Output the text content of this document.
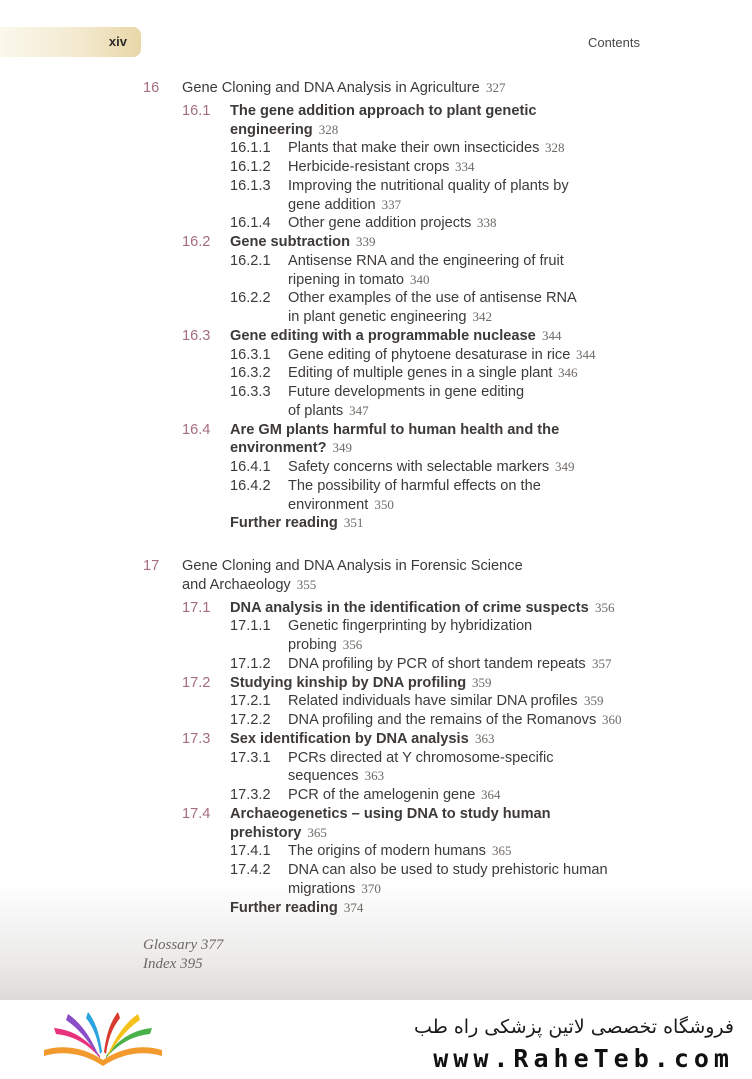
xiv	Contents
16 Gene Cloning and DNA Analysis in Agriculture 327
16.1 The gene addition approach to plant genetic
engineering 328
16.1.1 Plants that make their own insecticides 328
16.1.2 Herbicide-resistant crops 334
16.1.3 Improving the nutritional quality of plants by
gene addition 337
16.1.4 Other gene addition projects 338
16.2 Gene subtraction 339
16.2.1 Antisense RNA and the engineering of fruit
ripening in tomato 340
16.2.2 Other examples of the use of antisense RNA
in plant genetic engineering 342
16.3 Gene editing with a programmable nuclease 344
16.3.1 Gene editing of phytoene desaturase in rice 344
16.3.2 Editing of multiple genes in a single plant 346
16.3.3 Future developments in gene editing
of plants 347
16.4 Are GM plants harmful to human health and the
environment? 349
16.4.1 Safety concerns with selectable markers 349
16.4.2 The possibility of harmful effects on the
environment 350
Further reading 351
17 Gene Cloning and DNA Analysis in Forensic Science
and Archaeology 355
17.1 DNA analysis in the identification of crime suspects 356
17.1.1 Genetic fingerprinting by hybridization
probing 356
17.1.2 DNA profiling by PCR of short tandem repeats 357
17.2 Studying kinship by DNA profiling 359
17.2.1 Related individuals have similar DNA profiles 359
17.2.2 DNA profiling and the remains of the Romanovs 360
17.3 Sex identification by DNA analysis 363
17.3.1 PCRs directed at Y chromosome-specific
sequences 363
17.3.2 PCR of the amelogenin gene 364
17.4 Archaeogenetics – using DNA to study human
prehistory 365
17.4.1 The origins of modern humans 365
17.4.2 DNA can also be used to study prehistoric human
migrations 370
Further reading 374
Glossary 377
Index 395
فروشگاه تخصصی لاتین پزشکی راه طب
www.RaheTeb.com
